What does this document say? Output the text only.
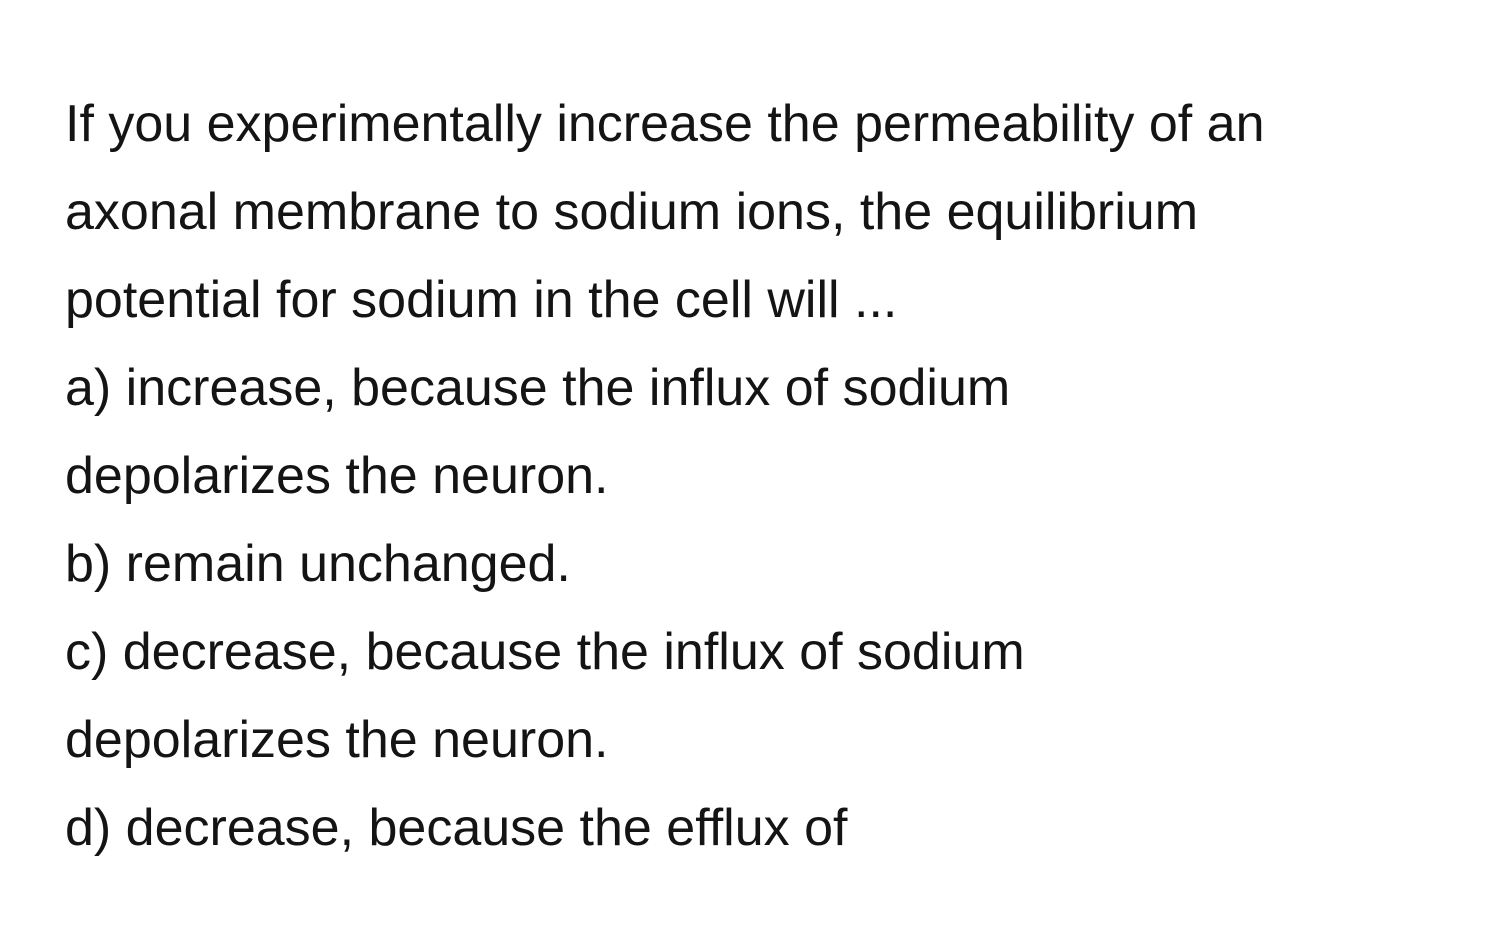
If you experimentally increase the permeability of an

axonal membrane to sodium ions, the equilibrium

potential for sodium in the cell will ...

a) increase, because the influx of sodium

depolarizes the neuron.

b) remain unchanged.

c) decrease, because the influx of sodium

depolarizes the neuron.

d) decrease, because the efflux of
